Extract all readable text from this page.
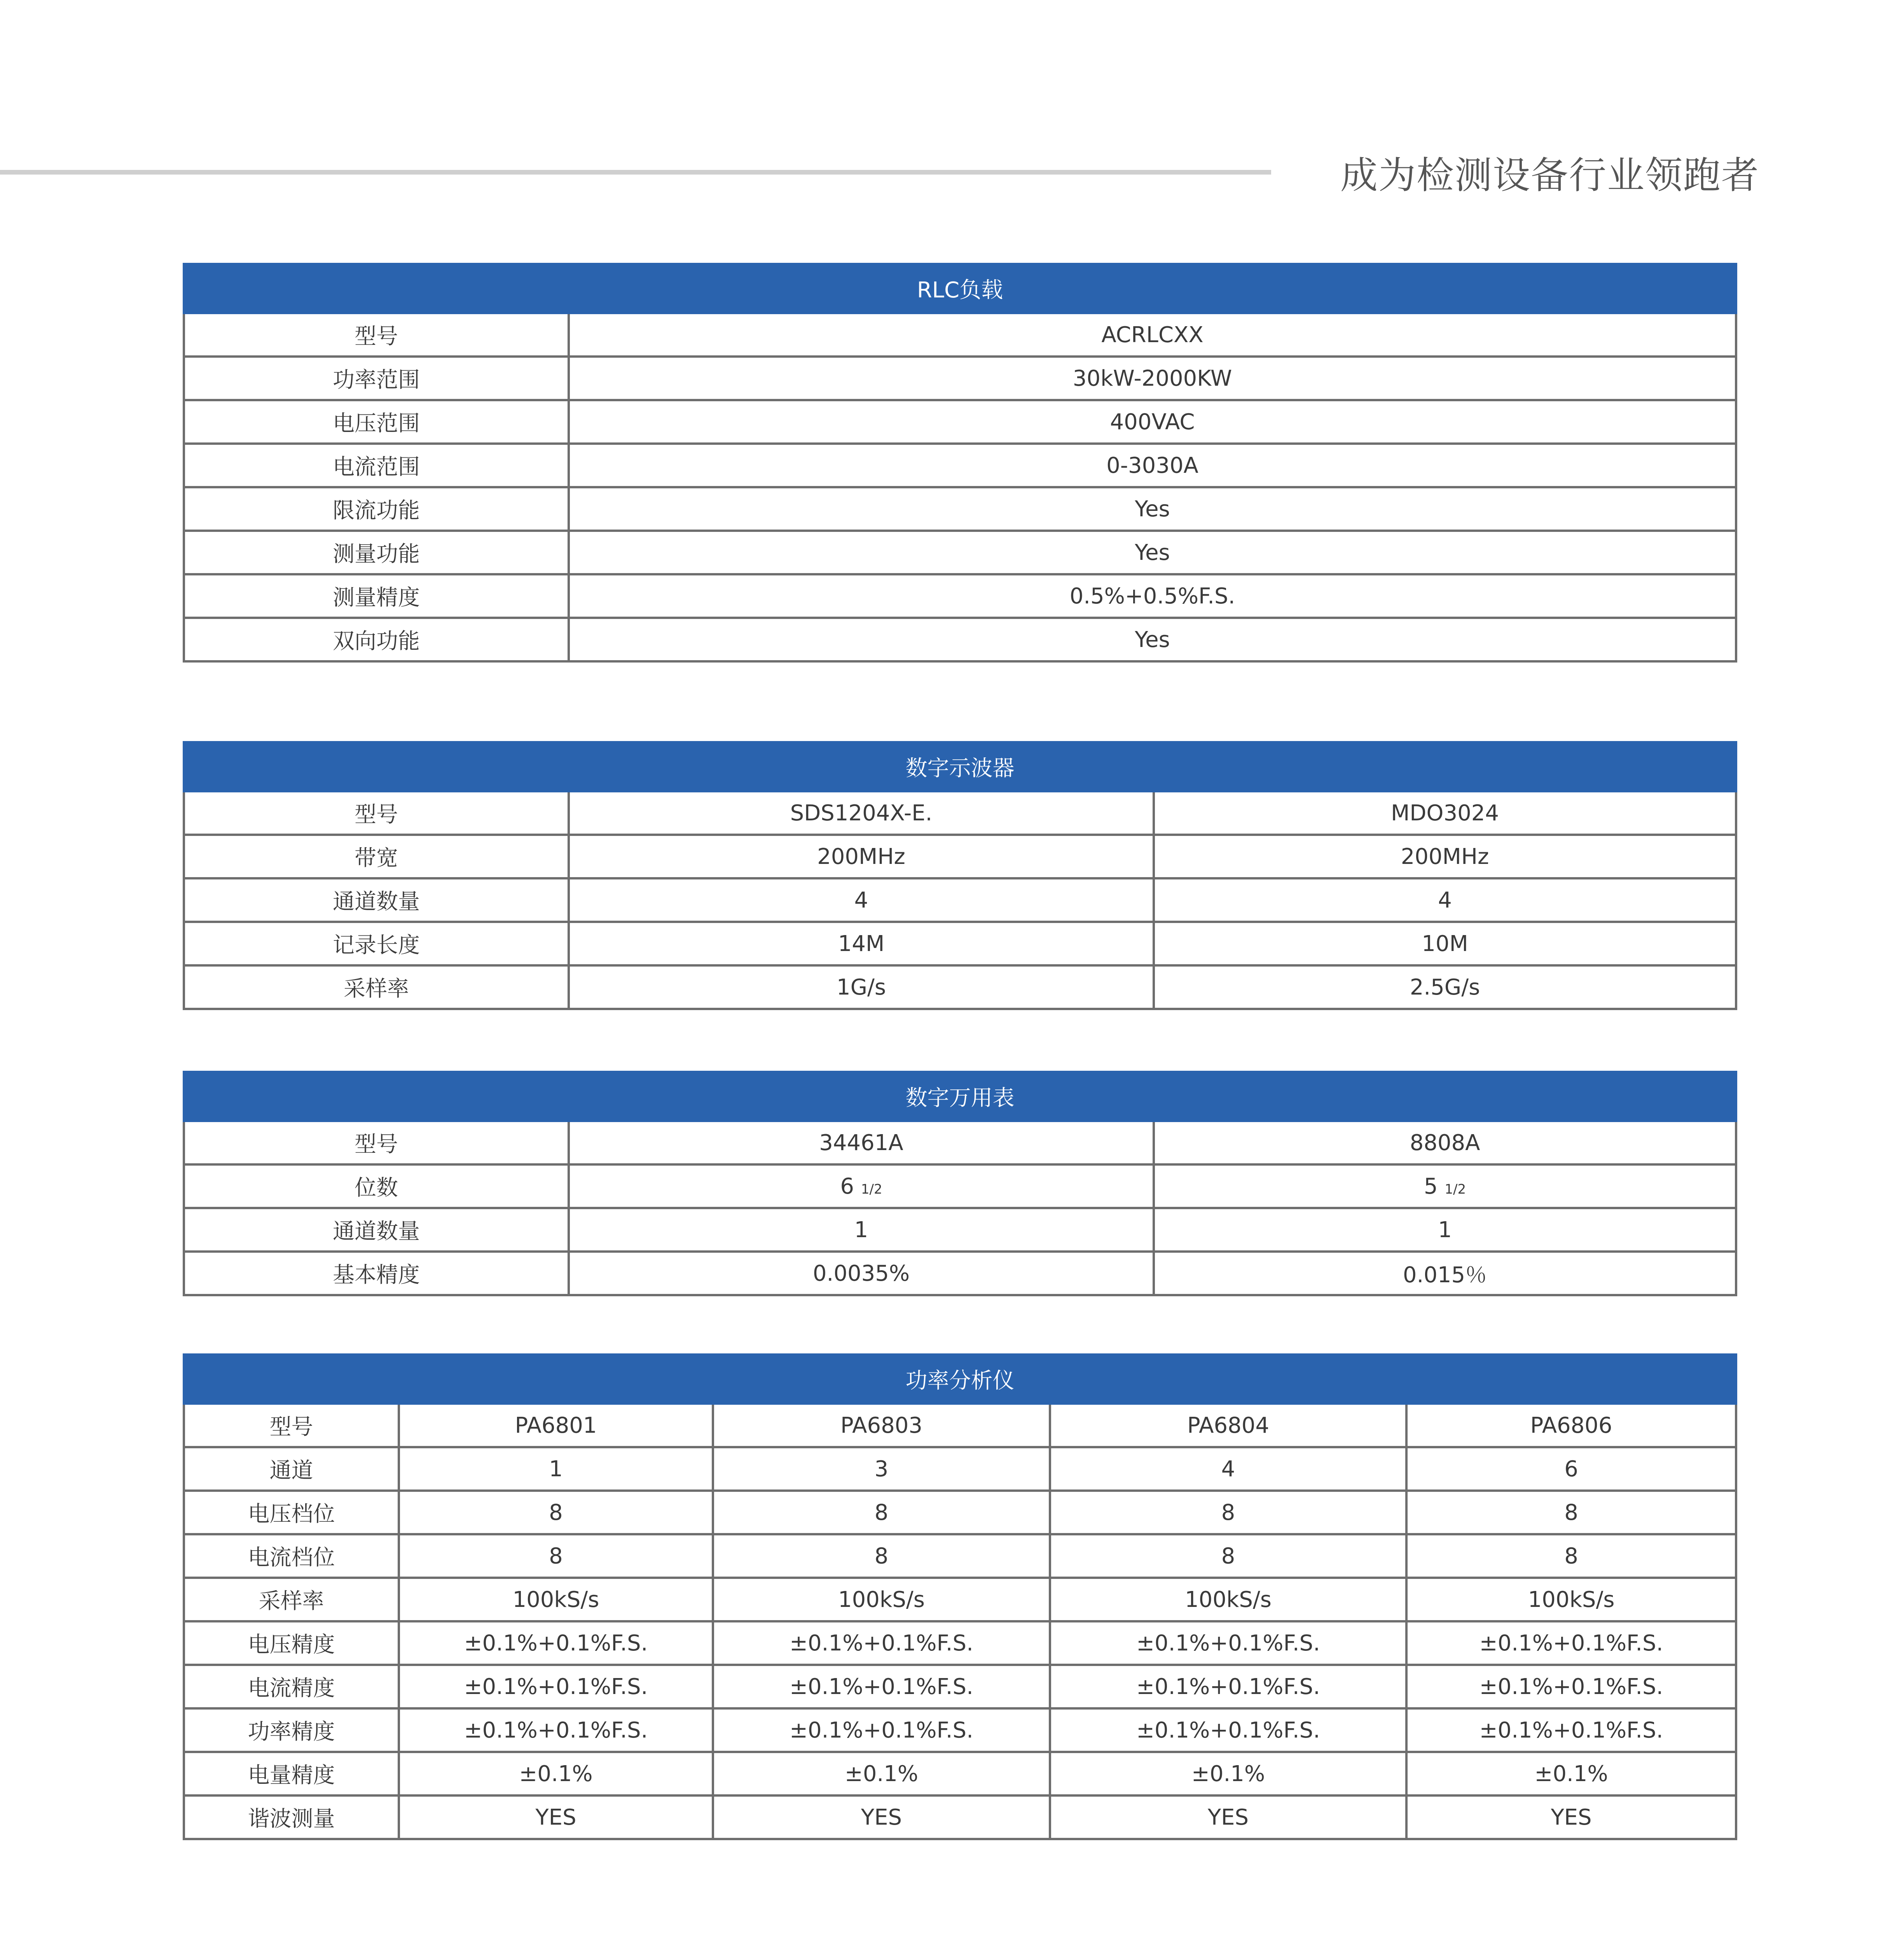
成为检测设备行业领跑者
RLC负载	
型号	ACRLCXX
功率范围	30kW-2000KW
电压范围	400VAC
电流范围	0-3030A
限流功能	Yes
测量功能	Yes
测量精度	0.5%+0.5%F.S.
双向功能	Yes
数字示波器		
型号	SDS1204X-E.	MDO3024
带宽	200MHz	200MHz
通道数量	4	4
记录长度	14M	10M
采样率	1G/s	2.5G/s
数字万用表		
型号	34461A	8808A
位数	6 1/2	5 1/2
通道数量	1	1
基本精度	0.0035%	0.015％
功率分析仪				
型号	PA6801	PA6803	PA6804	PA6806
通道	1	3	4	6
电压档位	8	8	8	8
电流档位	8	8	8	8
采样率	100kS/s	100kS/s	100kS/s	100kS/s
电压精度	±0.1%+0.1%F.S.	±0.1%+0.1%F.S.	±0.1%+0.1%F.S.	±0.1%+0.1%F.S.
电流精度	±0.1%+0.1%F.S.	±0.1%+0.1%F.S.	±0.1%+0.1%F.S.	±0.1%+0.1%F.S.
功率精度	±0.1%+0.1%F.S.	±0.1%+0.1%F.S.	±0.1%+0.1%F.S.	±0.1%+0.1%F.S.
电量精度	±0.1%	±0.1%	±0.1%	±0.1%
谐波测量	YES	YES	YES	YES
